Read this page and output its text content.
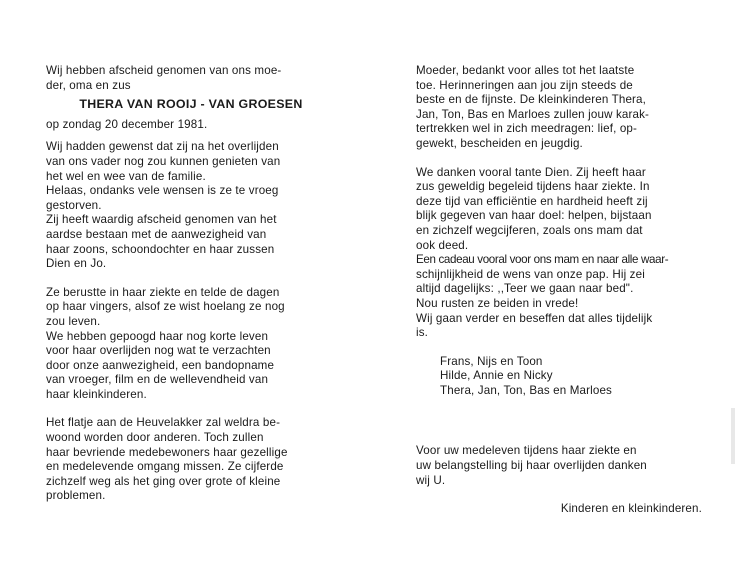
Wij hebben afscheid genomen van ons moe-
der, oma en zus
THERA VAN ROOIJ - VAN GROESEN
op zondag 20 december 1981.
Wij hadden gewenst dat zij na het overlijden
van ons vader nog zou kunnen genieten van
het wel en wee van de familie.
Helaas, ondanks vele wensen is ze te vroeg
gestorven.
Zij heeft waardig afscheid genomen van het
aardse bestaan met de aanwezigheid van
haar zoons, schoondochter en haar zussen
Dien en Jo.
Ze berustte in haar ziekte en telde de dagen
op haar vingers, alsof ze wist hoelang ze nog
zou leven.
We hebben gepoogd haar nog korte leven
voor haar overlijden nog wat te verzachten
door onze aanwezigheid, een bandopname
van vroeger, film en de wellevendheid van
haar kleinkinderen.
Het flatje aan de Heuvelakker zal weldra be-
woond worden door anderen. Toch zullen
haar bevriende medebewoners haar gezellige
en medelevende omgang missen. Ze cijferde
zichzelf weg als het ging over grote of kleine
problemen.
Moeder, bedankt voor alles tot het laatste
toe. Herinneringen aan jou zijn steeds de
beste en de fijnste. De kleinkinderen Thera,
Jan, Ton, Bas en Marloes zullen jouw karak-
tertrekken wel in zich meedragen: lief, op-
gewekt, bescheiden en jeugdig.
We danken vooral tante Dien. Zij heeft haar
zus geweldig begeleid tijdens haar ziekte. In
deze tijd van efficiëntie en hardheid heeft zij
blijk gegeven van haar doel: helpen, bijstaan
en zichzelf wegcijferen, zoals ons mam dat
ook deed.
Een cadeau vooral voor ons mam en naar alle waar-
schijnlijkheid de wens van onze pap. Hij zei
altijd dagelijks: ,,Teer we gaan naar bed".
Nou rusten ze beiden in vrede!
Wij gaan verder en beseffen dat alles tijdelijk
is.
Frans, Nijs en Toon
Hilde, Annie en Nicky
Thera, Jan, Ton, Bas en Marloes
Voor uw medeleven tijdens haar ziekte en
uw belangstelling bij haar overlijden danken
wij U.
Kinderen en kleinkinderen.
